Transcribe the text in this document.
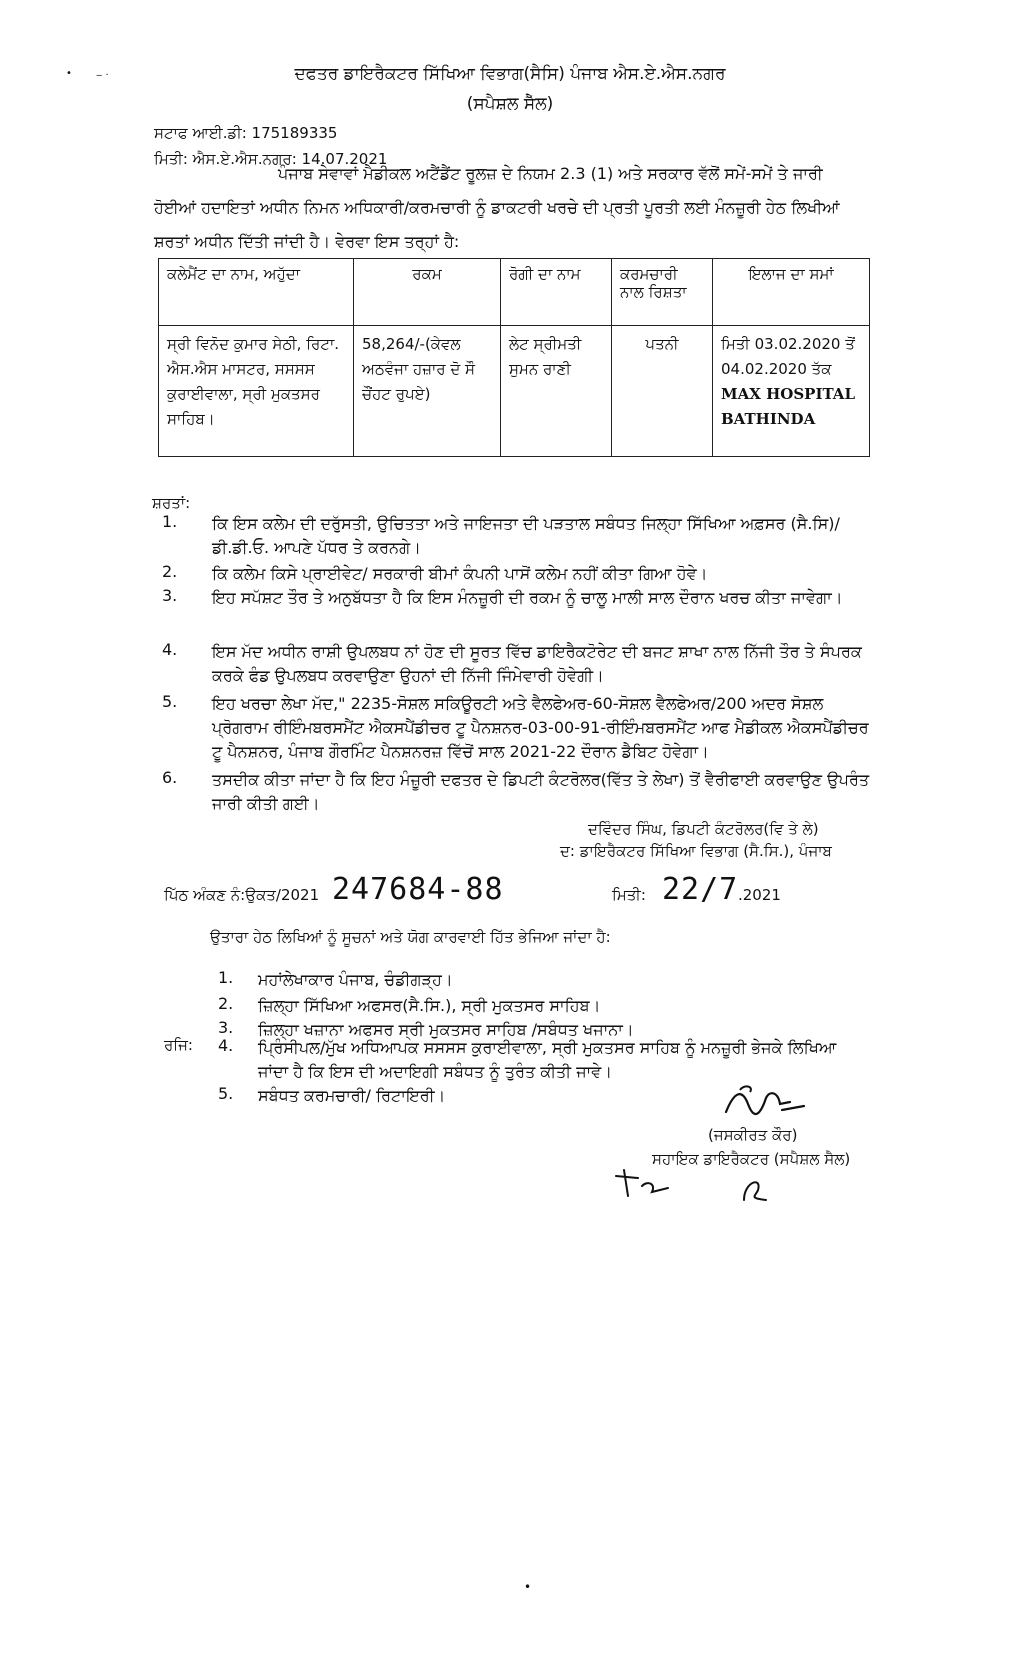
• ‒ ·	ਦਫਤਰ ਡਾਇਰੈਕਟਰ ਸਿੱਖਿਆ ਵਿਭਾਗ(ਸੈਸਿ) ਪੰਜਾਬ ਐਸ.ਏ.ਐਸ.ਨਗਰ
(ਸਪੈਸ਼ਲ ਸੈੱਲ)
ਸਟਾਫ ਆਈ.ਡੀ: 175189335
ਮਿਤੀ: ਐਸ.ਏ.ਐਸ.ਨਗਰ: 14.07.2021
ਪੰਜਾਬ ਸੇਵਾਵਾਂ ਮੈਡੀਕਲ ਅਟੈਂਡੈਂਟ ਰੂਲਜ਼ ਦੇ ਨਿਯਮ 2.3 (1) ਅਤੇ ਸਰਕਾਰ ਵੱਲੋਂ ਸਮੇਂ-ਸਮੇਂ ਤੇ ਜਾਰੀ
ਹੋਈਆਂ ਹਦਾਇਤਾਂ ਅਧੀਨ ਨਿਮਨ ਅਧਿਕਾਰੀ/ਕਰਮਚਾਰੀ ਨੂੰ ਡਾਕਟਰੀ ਖਰਚੇ ਦੀ ਪ੍ਰਤੀ ਪੂਰਤੀ ਲਈ ਮੰਨਜ਼ੂਰੀ ਹੇਠ ਲਿਖੀਆਂ
ਸ਼ਰਤਾਂ ਅਧੀਨ ਦਿੱਤੀ ਜਾਂਦੀ ਹੈ। ਵੇਰਵਾ ਇਸ ਤਰ੍ਹਾਂ ਹੈ:
ਕਲੇਮੈਂਟ ਦਾ ਨਾਮ, ਅਹੁੱਦਾ	ਰਕਮ	ਰੋਗੀ ਦਾ ਨਾਮ	ਕਰਮਚਾਰੀ ਨਾਲ ਰਿਸ਼ਤਾ	ਇਲਾਜ ਦਾ ਸਮਾਂ
ਸ੍ਰੀ ਵਿਨੋਦ ਕੁਮਾਰ ਸੇਠੀ, ਰਿਟਾ. ਐਸ.ਐਸ ਮਾਸਟਰ, ਸਸਸਸ ਕੁਰਾਈਵਾਲਾ, ਸ੍ਰੀ ਮੁਕਤਸਰ ਸਾਹਿਬ।	58,264/-(ਕੇਵਲ ਅਠਵੰਜਾ ਹਜ਼ਾਰ ਦੋ ਸੌ ਚੌਂਹਟ ਰੁਪਏ)	ਲੇਟ ਸ੍ਰੀਮਤੀ ਸੁਮਨ ਰਾਣੀ	ਪਤਨੀ	ਮਿਤੀ 03.02.2020 ਤੋਂ
04.02.2020 ਤੱਕ
MAX HOSPITAL
BATHINDA
ਸ਼ਰਤਾਂ:
1.	ਕਿ ਇਸ ਕਲੇਮ ਦੀ ਦਰੁੱਸਤੀ, ਉਚਿਤਤਾ ਅਤੇ ਜਾਇਜਤਾ ਦੀ ਪੜਤਾਲ ਸਬੰਧਤ ਜਿਲ੍ਹਾ ਸਿੱਖਿਆ ਅਫ਼ਸਰ (ਸੈ.ਸਿ)/ ਡੀ.ਡੀ.ਓ. ਆਪਣੇ ਪੱਧਰ ਤੇ ਕਰਨਗੇ।
2.	ਕਿ ਕਲੇਮ ਕਿਸੇ ਪ੍ਰਾਈਵੇਟ/ ਸਰਕਾਰੀ ਬੀਮਾਂ ਕੰਪਨੀ ਪਾਸੋਂ ਕਲੇਮ ਨਹੀਂ ਕੀਤਾ ਗਿਆ ਹੋਵੇ।
3.	ਇਹ ਸਪੱਸ਼ਟ ਤੌਰ ਤੇ ਅਨੁਬੱਧਤਾ ਹੈ ਕਿ ਇਸ ਮੰਨਜ਼ੂਰੀ ਦੀ ਰਕਮ ਨੂੰ ਚਾਲੂ ਮਾਲੀ ਸਾਲ ਦੌਰਾਨ ਖਰਚ ਕੀਤਾ ਜਾਵੇਗਾ।
4.	ਇਸ ਮੱਦ ਅਧੀਨ ਰਾਸ਼ੀ ਉਪਲਬਧ ਨਾਂ ਹੋਣ ਦੀ ਸੂਰਤ ਵਿੱਚ ਡਾਇਰੈਕਟੋਰੇਟ ਦੀ ਬਜਟ ਸ਼ਾਖਾ ਨਾਲ ਨਿੱਜੀ ਤੌਰ ਤੇ ਸੰਪਰਕ ਕਰਕੇ ਫੰਡ ਉਪਲਬਧ ਕਰਵਾਉਣਾ ਉਹਨਾਂ ਦੀ ਨਿੱਜੀ ਜਿੰਮੇਵਾਰੀ ਹੋਵੇਗੀ।
5.	ਇਹ ਖਰਚਾ ਲੇਖਾ ਮੱਦ," 2235-ਸੋਸ਼ਲ ਸਕਿਊਰਟੀ ਅਤੇ ਵੈਲਫੇਅਰ-60-ਸੋਸ਼ਲ ਵੈਲਫੇਅਰ/200 ਅਦਰ ਸੋਸ਼ਲ ਪ੍ਰੋਗਰਾਮ ਰੀਇੰਮਬਰਸਮੈਂਟ ਐਕਸਪੈਂਡੀਚਰ ਟੂ ਪੈਨਸ਼ਨਰ-03-00-91-ਰੀਇੰਮਬਰਸਮੈਂਟ ਆਫ ਮੈਡੀਕਲ ਐਕਸਪੈਂਡੀਚਰ ਟੂ ਪੈਨਸ਼ਨਰ, ਪੰਜਾਬ ਗੌਰਮਿੰਟ ਪੈਨਸ਼ਨਰਜ਼ ਵਿੱਚੋਂ ਸਾਲ 2021-22 ਦੌਰਾਨ ਡੈਬਿਟ ਹੋਵੇਗਾ।
6.	ਤਸਦੀਕ ਕੀਤਾ ਜਾਂਦਾ ਹੈ ਕਿ ਇਹ ਮੰਜ਼ੂਰੀ ਦਫਤਰ ਦੇ ਡਿਪਟੀ ਕੰਟਰੋਲਰ(ਵਿੱਤ ਤੇ ਲੇਖਾ) ਤੋਂ ਵੈਰੀਫਾਈ ਕਰਵਾਉਣ ਉਪਰੰਤ ਜਾਰੀ ਕੀਤੀ ਗਈ।
ਦਵਿੰਦਰ ਸਿੰਘ, ਡਿਪਟੀ ਕੰਟਰੋਲਰ(ਵਿ ਤੇ ਲੇ)
ਦ: ਡਾਇਰੈਕਟਰ ਸਿੱਖਿਆ ਵਿਭਾਗ (ਸੈ.ਸਿ.), ਪੰਜਾਬ
ਪਿੱਠ ਅੰਕਣ ਨੰ:ਉਕਤ/2021 247684-88	ਮਿਤੀ: 22/7 .2021
ਉਤਾਰਾ ਹੇਠ ਲਿਖਿਆਂ ਨੂੰ ਸੂਚਨਾਂ ਅਤੇ ਯੋਗ ਕਾਰਵਾਈ ਹਿੱਤ ਭੇਜਿਆ ਜਾਂਦਾ ਹੈ:
1. ਮਹਾਂਲੇਖਾਕਾਰ ਪੰਜਾਬ, ਚੰਡੀਗੜ੍ਹ।
2. ਜ਼ਿਲ੍ਹਾ ਸਿੱਖਿਆ ਅਫਸਰ(ਸੈ.ਸਿ.), ਸ੍ਰੀ ਮੁਕਤਸਰ ਸਾਹਿਬ।
3. ਜ਼ਿਲ੍ਹਾ ਖਜ਼ਾਨਾ ਅਫਸਰ ਸ੍ਰੀ ਮੁਕਤਸਰ ਸਾਹਿਬ /ਸਬੰਧਤ ਖਜਾਨਾ।
ਰਜਿ: 4. ਪ੍ਰਿੰਸੀਪਲ/ਮੁੱਖ ਅਧਿਆਪਕ ਸਸਸਸ ਕੁਰਾਈਵਾਲਾ, ਸ੍ਰੀ ਮੁਕਤਸਰ ਸਾਹਿਬ ਨੂੰ ਮਨਜ਼ੂਰੀ ਭੇਜਕੇ ਲਿਖਿਆ ਜਾਂਦਾ ਹੈ ਕਿ ਇਸ ਦੀ ਅਦਾਇਗੀ ਸਬੰਧਤ ਨੂੰ ਤੁਰੰਤ ਕੀਤੀ ਜਾਵੇ।
5. ਸਬੰਧਤ ਕਰਮਚਾਰੀ/ ਰਿਟਾਇਰੀ।
(ਜਸਕੀਰਤ ਕੌਰ)
ਸਹਾਇਕ ਡਾਇਰੈਕਟਰ (ਸਪੈਸ਼ਲ ਸੈਲ)
•
